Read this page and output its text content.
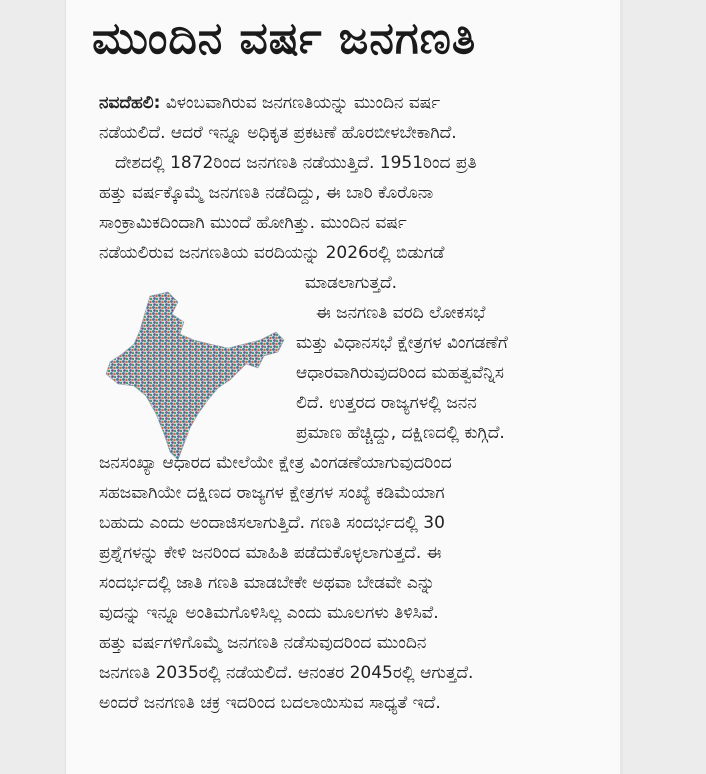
ಮುಂದಿನ ವರ್ಷ ಜನಗಣತಿ
ನವದೆಹಲಿ: ವಿಳಂಬವಾಗಿರುವ ಜನಗಣತಿಯನ್ನು ಮುಂದಿನ ವರ್ಷ
ನಡೆಯಲಿದೆ. ಆದರೆ ಇನ್ನೂ ಅಧಿಕೃತ ಪ್ರಕಟಣೆ ಹೊರಬೀಳಬೇಕಾಗಿದೆ.
ದೇಶದಲ್ಲಿ 1872ರಿಂದ ಜನಗಣತಿ ನಡೆಯುತ್ತಿದೆ. 1951ರಿಂದ ಪ್ರತಿ
ಹತ್ತು ವರ್ಷಕ್ಕೊಮ್ಮೆ ಜನಗಣತಿ ನಡೆದಿದ್ದು, ಈ ಬಾರಿ ಕೊರೊನಾ
ಸಾಂಕ್ರಾಮಿಕದಿಂದಾಗಿ ಮುಂದೆ ಹೋಗಿತ್ತು. ಮುಂದಿನ ವರ್ಷ
ನಡೆಯಲಿರುವ ಜನಗಣತಿಯ ವರದಿಯನ್ನು 2026ರಲ್ಲಿ ಬಿಡುಗಡೆ
ಮಾಡಲಾಗುತ್ತದೆ.
ಈ ಜನಗಣತಿ ವರದಿ ಲೋಕಸಭೆ
ಮತ್ತು ವಿಧಾನಸಭೆ ಕ್ಷೇತ್ರಗಳ ವಿಂಗಡಣೆಗೆ
ಆಧಾರವಾಗಿರುವುದರಿಂದ ಮಹತ್ವವೆನ್ನಿಸ
ಲಿದೆ. ಉತ್ತರದ ರಾಜ್ಯಗಳಲ್ಲಿ ಜನನ
ಪ್ರಮಾಣ ಹೆಚ್ಚಿದ್ದು, ದಕ್ಷಿಣದಲ್ಲಿ ಕುಗ್ಗಿದೆ.
ಜನಸಂಖ್ಯಾ ಆಧಾರದ ಮೇಲೆಯೇ ಕ್ಷೇತ್ರ ವಿಂಗಡಣೆಯಾಗುವುದರಿಂದ
ಸಹಜವಾಗಿಯೇ ದಕ್ಷಿಣದ ರಾಜ್ಯಗಳ ಕ್ಷೇತ್ರಗಳ ಸಂಖ್ಯೆ ಕಡಿಮೆಯಾಗ
ಬಹುದು ಎಂದು ಅಂದಾಜಿಸಲಾಗುತ್ತಿದೆ. ಗಣತಿ ಸಂದರ್ಭದಲ್ಲಿ 30
ಪ್ರಶ್ನೆಗಳನ್ನು ಕೇಳಿ ಜನರಿಂದ ಮಾಹಿತಿ ಪಡೆದುಕೊಳ್ಳಲಾಗುತ್ತದೆ. ಈ
ಸಂದರ್ಭದಲ್ಲಿ ಜಾತಿ ಗಣತಿ ಮಾಡಬೇಕೇ ಅಥವಾ ಬೇಡವೇ ಎನ್ನು
ವುದನ್ನು ಇನ್ನೂ ಅಂತಿಮಗೊಳಿಸಿಲ್ಲ ಎಂದು ಮೂಲಗಳು ತಿಳಿಸಿವೆ.
ಹತ್ತು ವರ್ಷಗಳಿಗೊಮ್ಮೆ ಜನಗಣತಿ ನಡೆಸುವುದರಿಂದ ಮುಂದಿನ
ಜನಗಣತಿ 2035ರಲ್ಲಿ ನಡೆಯಲಿದೆ. ಆನಂತರ 2045ರಲ್ಲಿ ಆಗುತ್ತದೆ.
ಅಂದರೆ ಜನಗಣತಿ ಚಕ್ರ ಇದರಿಂದ ಬದಲಾಯಿಸುವ ಸಾಧ್ಯತೆ ಇದೆ.
